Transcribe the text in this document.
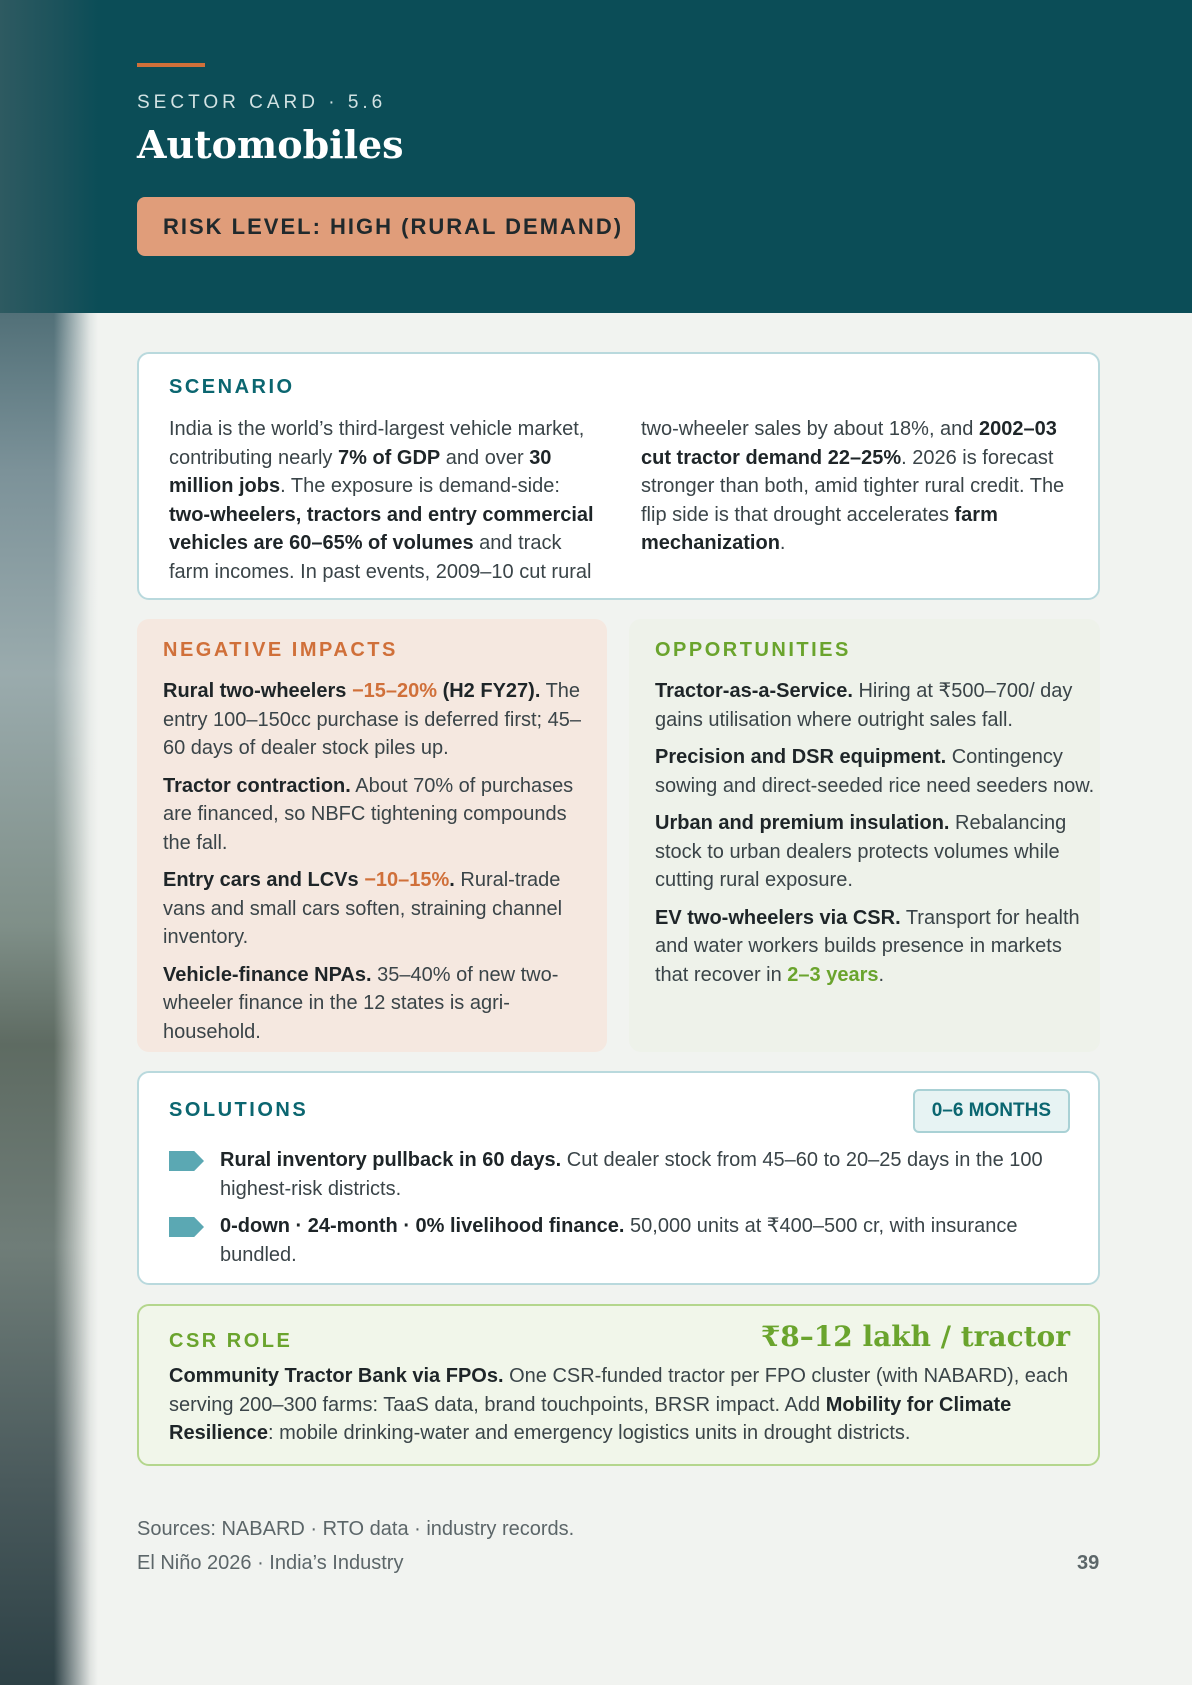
SECTOR CARD · 5.6
Automobiles
RISK LEVEL: HIGH (RURAL DEMAND)
SCENARIO

India is the world’s third-largest vehicle market, contributing nearly 7% of GDP and over 30 million jobs. The exposure is demand-side: two-wheelers, tractors and entry commercial vehicles are 60–65% of volumes and track farm incomes. In past events, 2009–10 cut rural two-wheeler sales by about 18%, and 2002–03 cut tractor demand 22–25%. 2026 is forecast stronger than both, amid tighter rural credit. The flip side is that drought accelerates farm mechanization.

NEGATIVE IMPACTS

Rural two-wheelers −15–20% (H2 FY27). The entry 100–150cc purchase is deferred first; 45–60 days of dealer stock piles up.

Tractor contraction. About 70% of purchases are financed, so NBFC tightening compounds the fall.

Entry cars and LCVs −10–15%. Rural-trade vans and small cars soften, straining channel inventory.

Vehicle-finance NPAs. 35–40% of new two-wheeler finance in the 12 states is agri-household.

OPPORTUNITIES

Tractor-as-a-Service. Hiring at ₹500–700/ day gains utilisation where outright sales fall.

Precision and DSR equipment. Contingency sowing and direct-seeded rice need seeders now.

Urban and premium insulation. Rebalancing stock to urban dealers protects volumes while cutting rural exposure.

EV two-wheelers via CSR. Transport for health and water workers builds presence in markets that recover in 2–3 years.

SOLUTIONS	0–6 MONTHS

Rural inventory pullback in 60 days. Cut dealer stock from 45–60 to 20–25 days in the 100 highest-risk districts.

0-down · 24-month · 0% livelihood finance. 50,000 units at ₹400–500 cr, with insurance bundled.

CSR ROLE	₹8–12 lakh / tractor

Community Tractor Bank via FPOs. One CSR-funded tractor per FPO cluster (with NABARD), each serving 200–300 farms: TaaS data, brand touchpoints, BRSR impact. Add Mobility for Climate Resilience: mobile drinking-water and emergency logistics units in drought districts.

Sources: NABARD · RTO data · industry records.
El Niño 2026 · India’s Industry	39
